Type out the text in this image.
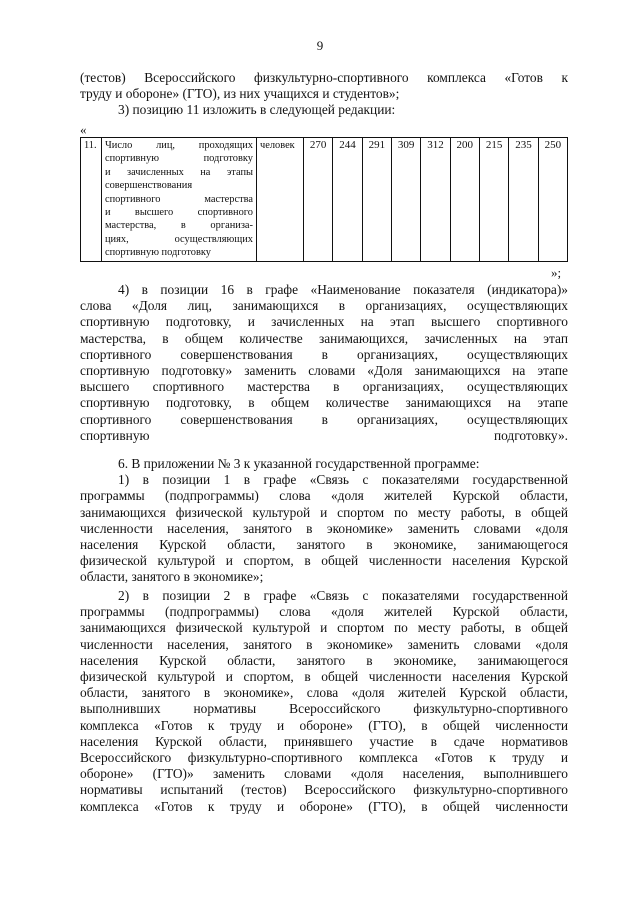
9
(тестов) Всероссийского физкультурно-спортивного комплекса «Готов к
труду и обороне» (ГТО), из них учащихся и студентов»;
3) позицию 11 изложить в следующей редакции:
«
11.	Число лиц, проходящих
спортивную подготовку
и зачисленных на этапы
совершенствования
спортивного мастерства
и высшего спортивного
мастерства, в организа-
циях, осуществляющих
спортивную подготовку
	человек	270	244	291	309	312	200	215	235	250
»;
4) в позиции 16 в графе «Наименование показателя (индикатора)»
слова «Доля лиц, занимающихся в организациях, осуществляющих
спортивную подготовку, и зачисленных на этап высшего спортивного
мастерства, в общем количестве занимающихся, зачисленных на этап
спортивного совершенствования в организациях, осуществляющих
спортивную подготовку» заменить словами «Доля занимающихся на этапе
высшего спортивного мастерства в организациях, осуществляющих
спортивную подготовку, в общем количестве занимающихся на этапе
спортивного совершенствования в организациях, осуществляющих
спортивную подготовку».
6. В приложении № 3 к указанной государственной программе:
1) в позиции 1 в графе «Связь с показателями государственной
программы (подпрограммы) слова «доля жителей Курской области,
занимающихся физической культурой и спортом по месту работы, в общей
численности населения, занятого в экономике» заменить словами «доля
населения Курской области, занятого в экономике, занимающегося
физической культурой и спортом, в общей численности населения Курской
области, занятого в экономике»;
2) в позиции 2 в графе «Связь с показателями государственной
программы (подпрограммы) слова «доля жителей Курской области,
занимающихся физической культурой и спортом по месту работы, в общей
численности населения, занятого в экономике» заменить словами «доля
населения Курской области, занятого в экономике, занимающегося
физической культурой и спортом, в общей численности населения Курской
области, занятого в экономике», слова «доля жителей Курской области,
выполнивших нормативы Всероссийского физкультурно-спортивного
комплекса «Готов к труду и обороне» (ГТО), в общей численности
населения Курской области, принявшего участие в сдаче нормативов
Всероссийского физкультурно-спортивного комплекса «Готов к труду и
обороне» (ГТО)» заменить словами «доля населения, выполнившего
нормативы испытаний (тестов) Всероссийского физкультурно-спортивного
комплекса «Готов к труду и обороне» (ГТО), в общей численности
